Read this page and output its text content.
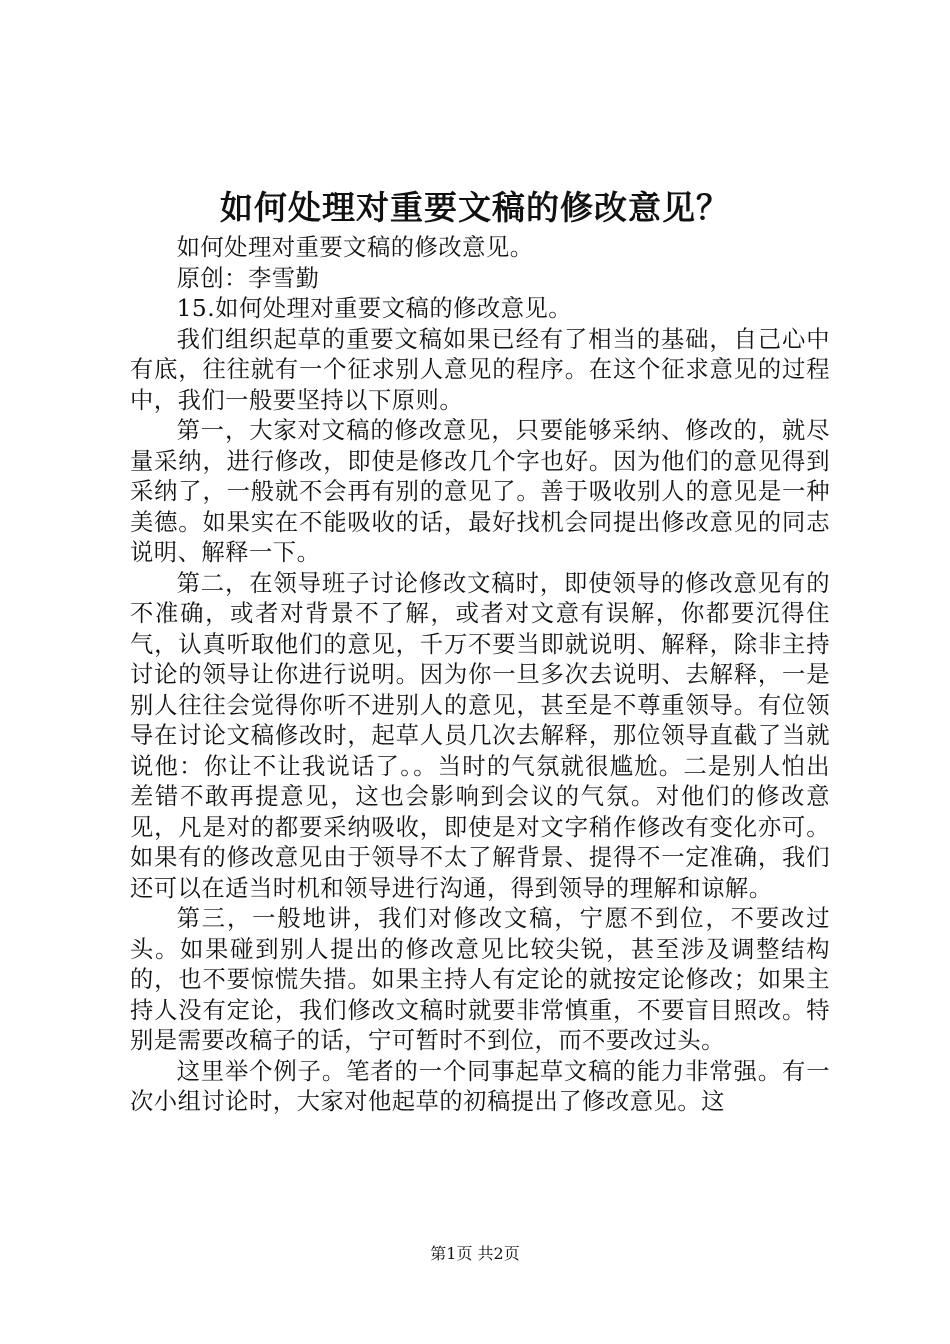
如何处理对重要文稿的修改意见？

如何处理对重要文稿的修改意见。

原创：李雪勤

15.如何处理对重要文稿的修改意见。

我们组织起草的重要文稿如果已经有了相当的基础，自己心中有底，往往就有一个征求别人意见的程序。在这个征求意见的过程中，我们一般要坚持以下原则。

第一，大家对文稿的修改意见，只要能够采纳、修改的，就尽量采纳，进行修改，即使是修改几个字也好。因为他们的意见得到采纳了，一般就不会再有别的意见了。善于吸收别人的意见是一种美德。如果实在不能吸收的话，最好找机会同提出修改意见的同志说明、解释一下。

第二，在领导班子讨论修改文稿时，即使领导的修改意见有的不准确，或者对背景不了解，或者对文意有误解，你都要沉得住气，认真听取他们的意见，千万不要当即就说明、解释，除非主持讨论的领导让你进行说明。因为你一旦多次去说明、去解释，一是别人往往会觉得你听不进别人的意见，甚至是不尊重领导。有位领导在讨论文稿修改时，起草人员几次去解释，那位领导直截了当就说他：你让不让我说话了。。当时的气氛就很尴尬。二是别人怕出差错不敢再提意见，这也会影响到会议的气氛。对他们的修改意见，凡是对的都要采纳吸收，即使是对文字稍作修改有变化亦可。如果有的修改意见由于领导不太了解背景、提得不一定准确，我们还可以在适当时机和领导进行沟通，得到领导的理解和谅解。

第三，一般地讲，我们对修改文稿，宁愿不到位，不要改过头。如果碰到别人提出的修改意见比较尖锐，甚至涉及调整结构的，也不要惊慌失措。如果主持人有定论的就按定论修改；如果主持人没有定论，我们修改文稿时就要非常慎重，不要盲目照改。特别是需要改稿子的话，宁可暂时不到位，而不要改过头。

这里举个例子。笔者的一个同事起草文稿的能力非常强。有一次小组讨论时，大家对他起草的初稿提出了修改意见。这

第1页 共2页
